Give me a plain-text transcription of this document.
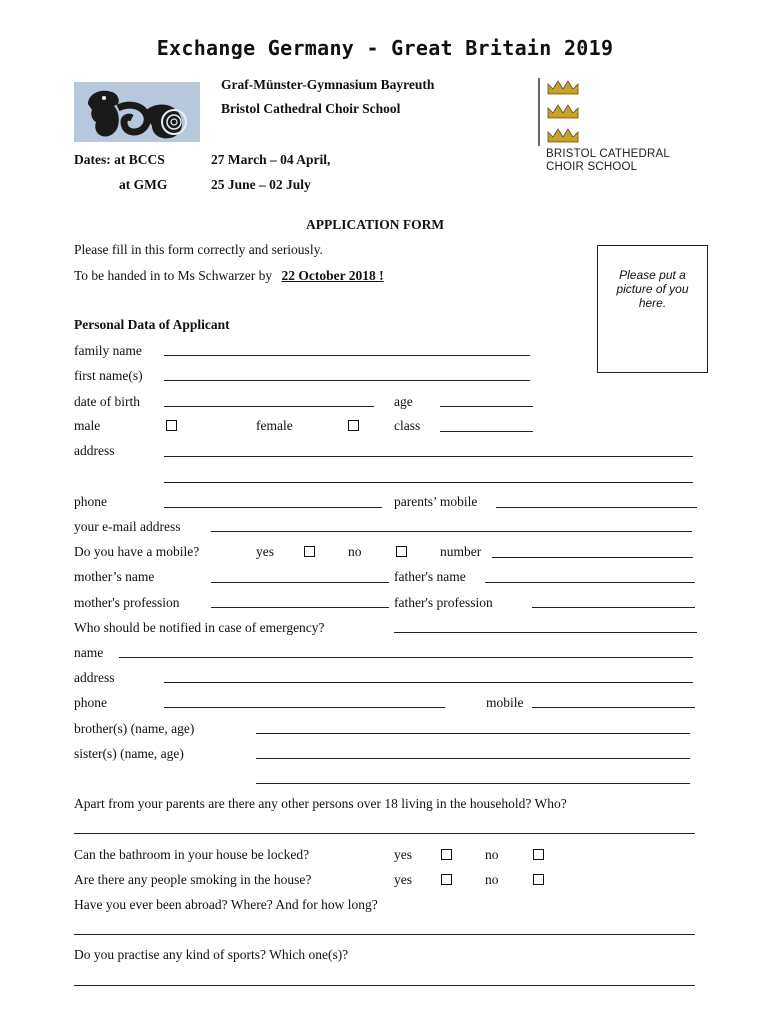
Exchange Germany - Great Britain 2019
Graf-Münster-Gymnasium Bayreuth
Bristol Cathedral Choir School
BRISTOL CATHEDRAL
CHOIR SCHOOL
Dates: at BCCS	27 March – 04 April,
at GMG	25 June – 02 July
APPLICATION FORM
Please fill in this form correctly and seriously.
To be handed in to Ms Schwarzer by 22 October 2018 !	Please put a picture of you here.
Personal Data of Applicant
family name
first name(s)
date of birth	age
male	female	class
address
phone	parents’ mobile
your e-mail address
Do you have a mobile?	yes	no	number
mother’s name	father's name
mother's profession	father's profession
Who should be notified in case of emergency?
name
address
phone	mobile
brother(s) (name, age)
sister(s) (name, age)
Apart from your parents are there any other persons over 18 living in the household? Who?
Can the bathroom in your house be locked?	yes	no
Are there any people smoking in the house?	yes	no
Have you ever been abroad? Where? And for how long?
Do you practise any kind of sports? Which one(s)?
